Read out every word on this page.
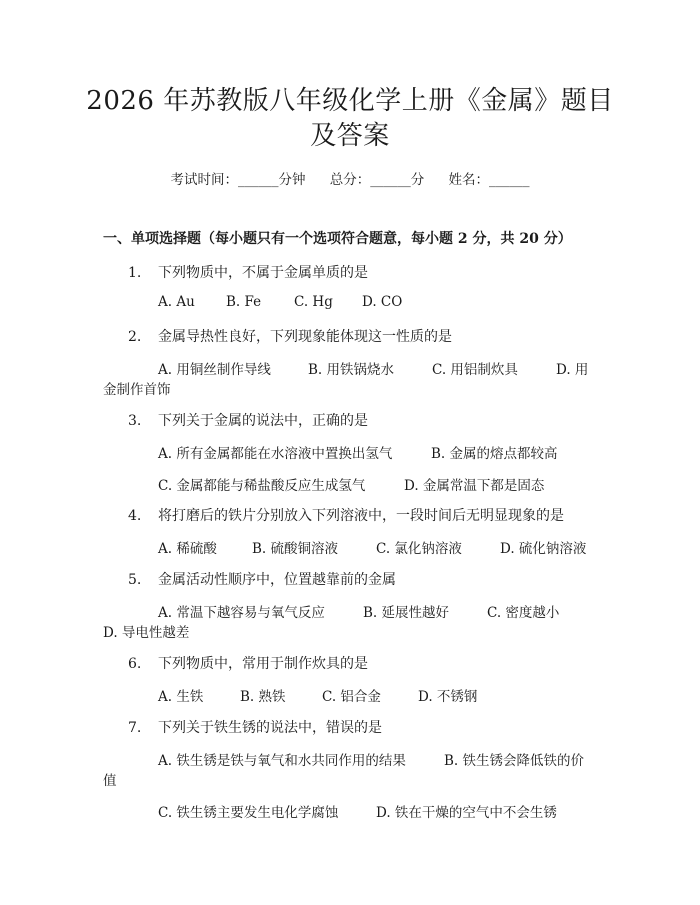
2026 年苏教版八年级化学上册《金属》题目
及答案
考试时间：______分钟 总分：______分 姓名：______
一、单项选择题（每小题只有一个选项符合题意，每小题 2 分，共 20 分）
1. 下列物质中，不属于金属单质的是
A. Au B. Fe C. Hg D. CO
2. 金属导热性良好，下列现象能体现这一性质的是
A. 用铜丝制作导线	B. 用铁锅烧水	C. 用铝制炊具	D. 用
金制作首饰
3. 下列关于金属的说法中，正确的是
A. 所有金属都能在水溶液中置换出氢气	B. 金属的熔点都较高
C. 金属都能与稀盐酸反应生成氢气	D. 金属常温下都是固态
4. 将打磨后的铁片分别放入下列溶液中，一段时间后无明显现象的是
A. 稀硫酸	B. 硫酸铜溶液	C. 氯化钠溶液	D. 硫化钠溶液
5. 金属活动性顺序中，位置越靠前的金属
A. 常温下越容易与氧气反应	B. 延展性越好	C. 密度越小
D. 导电性越差
6. 下列物质中，常用于制作炊具的是
A. 生铁	B. 熟铁	C. 铝合金	D. 不锈钢
7. 下列关于铁生锈的说法中，错误的是
A. 铁生锈是铁与氧气和水共同作用的结果	B. 铁生锈会降低铁的价
值
C. 铁生锈主要发生电化学腐蚀	D. 铁在干燥的空气中不会生锈
